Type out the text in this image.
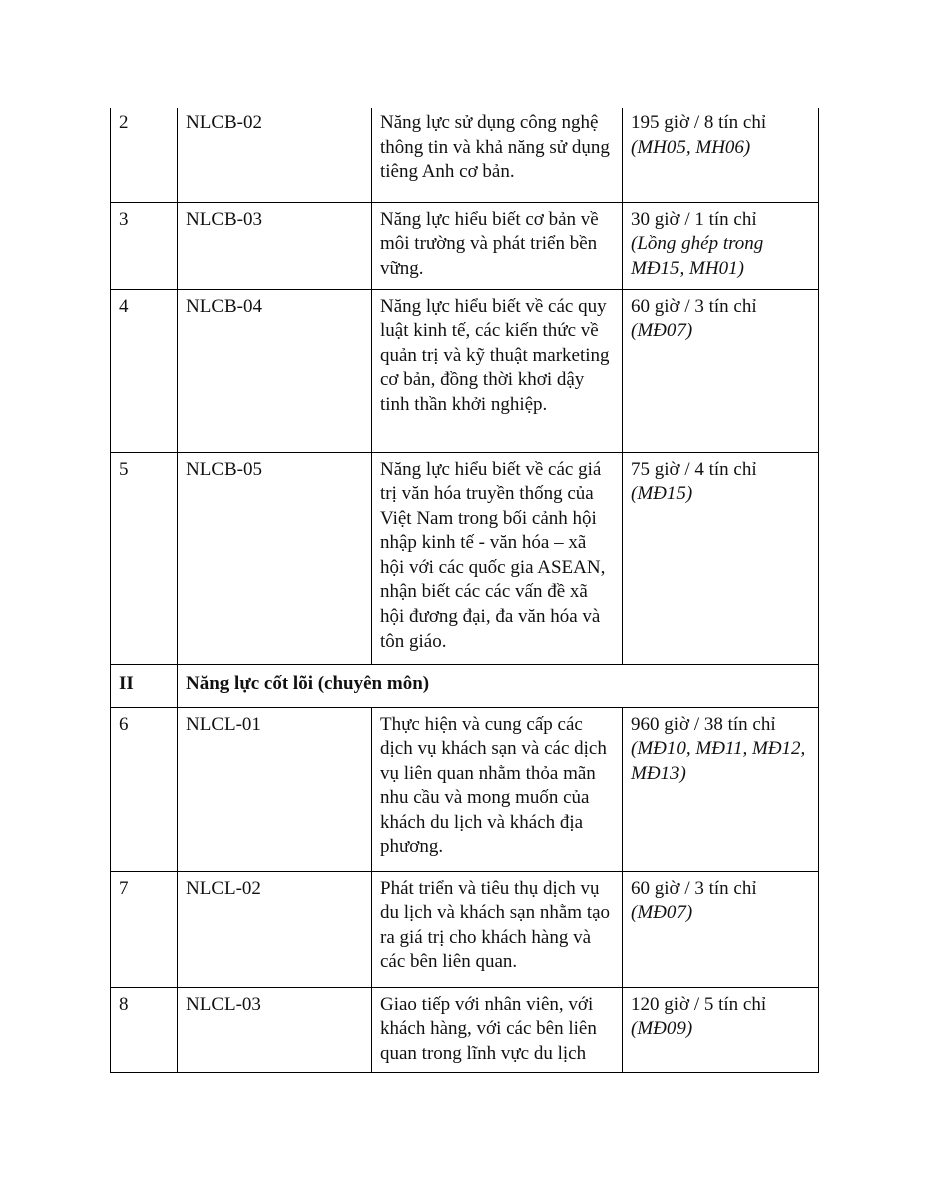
2	NLCB-02	Năng lực sử dụng công nghệ thông tin và khả năng sử dụng tiêng Anh cơ bản.	195 giờ / 8 tín chỉ
(MH05, MH06)

3	NLCB-03	Năng lực hiểu biết cơ bản về môi trường và phát triển bền vững.	30 giờ / 1 tín chỉ
(Lồng ghép trong MĐ15, MH01)

4	NLCB-04	Năng lực hiểu biết về các quy luật kinh tế, các kiến thức về quản trị và kỹ thuật marketing cơ bản, đồng thời khơi dậy tinh thần khởi nghiệp.	60 giờ / 3 tín chỉ
(MĐ07)

5	NLCB-05	Năng lực hiểu biết về các giá trị văn hóa truyền thống của Việt Nam trong bối cảnh hội nhập kinh tế - văn hóa – xã hội với các quốc gia ASEAN, nhận biết các các vấn đề xã hội đương đại, đa văn hóa và tôn giáo.	75 giờ / 4 tín chỉ
(MĐ15)

II	Năng lực cốt lõi (chuyên môn)		
6	NLCL-01	Thực hiện và cung cấp các dịch vụ khách sạn và các dịch vụ liên quan nhằm thỏa mãn nhu cầu và mong muốn của khách du lịch và khách địa phương.	960 giờ / 38 tín chỉ
(MĐ10, MĐ11, MĐ12, MĐ13)

7	NLCL-02	Phát triển và tiêu thụ dịch vụ du lịch và khách sạn nhằm tạo ra giá trị cho khách hàng và các bên liên quan.	60 giờ / 3 tín chỉ
(MĐ07)

8	NLCL-03	Giao tiếp với nhân viên, với khách hàng, với các bên liên quan trong lĩnh vực du lịch	120 giờ / 5 tín chỉ
(MĐ09)
